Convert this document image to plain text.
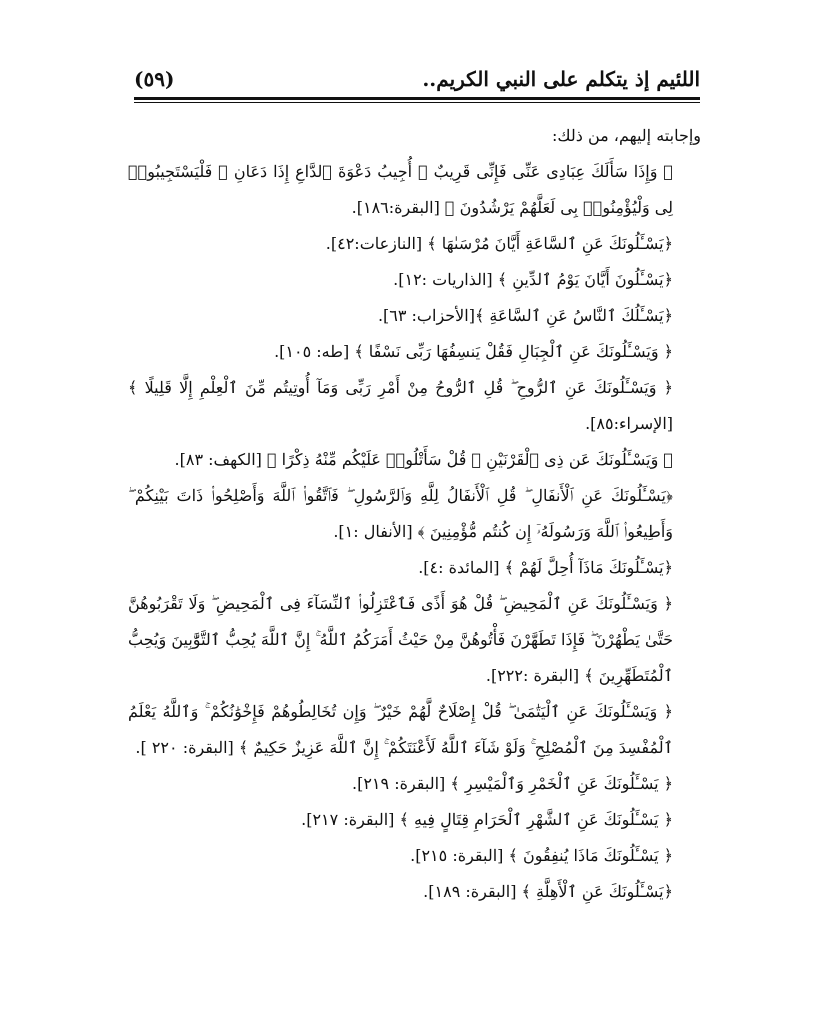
(٥٩)	اللئيم إذ يتكلم على النبي الكريم..

وإجابته إليهم، من ذلك:

﴿ وَإِذَا سَأَلَكَ عِبَادِى عَنِّى فَإِنِّى قَرِيبٌ ۖ أُجِيبُ دَعْوَةَ ٱلدَّاعِ إِذَا دَعَانِ ۖ فَلْيَسْتَجِيبُوا۟ لِى وَلْيُؤْمِنُوا۟ بِى لَعَلَّهُمْ يَرْشُدُونَ ﴾ [البقرة:١٨٦].

﴿يَسْـَٔلُونَكَ عَنِ ٱلسَّاعَةِ أَيَّانَ مُرْسَىٰهَا ﴾ [النازعات:٤٢].

﴿يَسْـَٔلُونَ أَيَّانَ يَوْمُ ٱلدِّينِ ﴾ [الذاريات :١٢].

﴿يَسْـَٔلُكَ ٱلنَّاسُ عَنِ ٱلسَّاعَةِ ﴾[الأحزاب: ٦٣].

﴿ وَيَسْـَٔلُونَكَ عَنِ ٱلْجِبَالِ فَقُلْ يَنسِفُهَا رَبِّى نَسْفًا ﴾ [طه: ١٠٥].

﴿ وَيَسْـَٔلُونَكَ عَنِ ٱلرُّوحِ ۖ قُلِ ٱلرُّوحُ مِنْ أَمْرِ رَبِّى وَمَآ أُوتِيتُم مِّنَ ٱلْعِلْمِ إِلَّا قَلِيلًا ﴾ [الإسراء:٨٥].

﴿ وَيَسْـَٔلُونَكَ عَن ذِى ٱلْقَرْنَيْنِ ۖ قُلْ سَأَتْلُوا۟ عَلَيْكُم مِّنْهُ ذِكْرًا ﴾ [الكهف: ٨٣].

﴿يَسْـَٔلُونَكَ عَنِ ٱلْأَنفَالِ ۖ قُلِ ٱلْأَنفَالُ لِلَّهِ وَٱلرَّسُولِ ۖ فَٱتَّقُوا۟ ٱللَّهَ وَأَصْلِحُوا۟ ذَاتَ بَيْنِكُمْ ۖ وَأَطِيعُوا۟ ٱللَّهَ وَرَسُولَهُۥٓ إِن كُنتُم مُّؤْمِنِينَ ﴾ [الأنفال :١].

﴿يَسْـَٔلُونَكَ مَاذَآ أُحِلَّ لَهُمْ ﴾ [المائدة :٤].

﴿ وَيَسْـَٔلُونَكَ عَنِ ٱلْمَحِيضِ ۖ قُلْ هُوَ أَذًى فَٱعْتَزِلُوا۟ ٱلنِّسَآءَ فِى ٱلْمَحِيضِ ۖ وَلَا تَقْرَبُوهُنَّ حَتَّىٰ يَطْهُرْنَ ۖ فَإِذَا تَطَهَّرْنَ فَأْتُوهُنَّ مِنْ حَيْثُ أَمَرَكُمُ ٱللَّهُ ۚ إِنَّ ٱللَّهَ يُحِبُّ ٱلتَّوَّٰبِينَ وَيُحِبُّ ٱلْمُتَطَهِّرِينَ ﴾ [البقرة :٢٢٢].

﴿ وَيَسْـَٔلُونَكَ عَنِ ٱلْيَتَٰمَىٰ ۖ قُلْ إِصْلَاحٌ لَّهُمْ خَيْرٌ ۖ وَإِن تُخَالِطُوهُمْ فَإِخْوَٰنُكُمْ ۚ وَٱللَّهُ يَعْلَمُ ٱلْمُفْسِدَ مِنَ ٱلْمُصْلِحِ ۚ وَلَوْ شَآءَ ٱللَّهُ لَأَعْنَتَكُمْ ۚ إِنَّ ٱللَّهَ عَزِيزٌ حَكِيمٌ ﴾ [البقرة: ٢٢٠ ].

﴿ يَسْـَٔلُونَكَ عَنِ ٱلْخَمْرِ وَٱلْمَيْسِرِ ﴾ [البقرة: ٢١٩].

﴿ يَسْـَٔلُونَكَ عَنِ ٱلشَّهْرِ ٱلْحَرَامِ قِتَالٍ فِيهِ ﴾ [البقرة: ٢١٧].

﴿ يَسْـَٔلُونَكَ مَاذَا يُنفِقُونَ ﴾ [البقرة: ٢١٥].

﴿يَسْـَٔلُونَكَ عَنِ ٱلْأَهِلَّةِ ﴾ [البقرة: ١٨٩].
